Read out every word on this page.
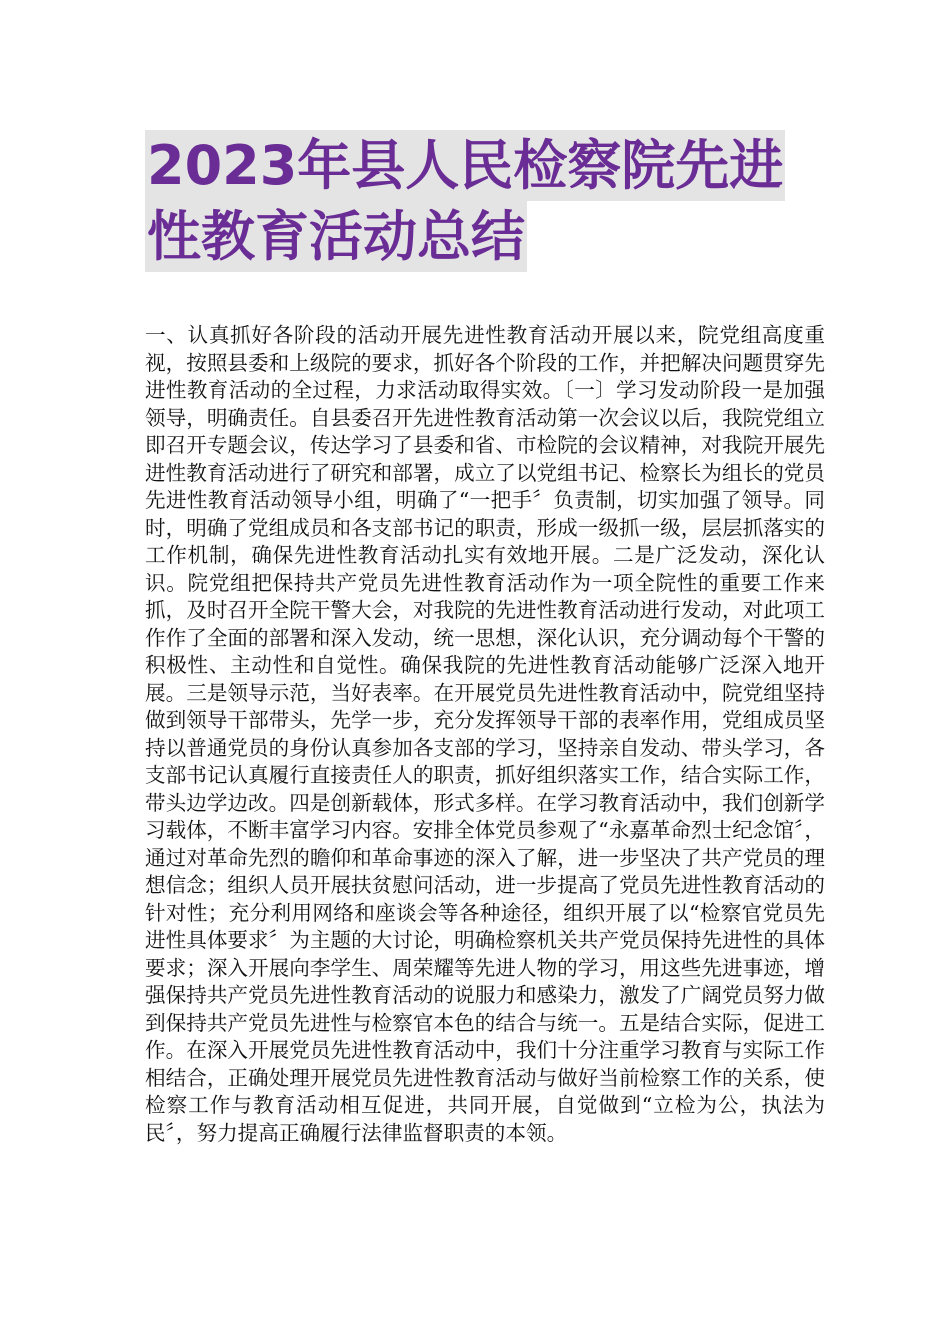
2023年县人民检察院先进
性教育活动总结

一、认真抓好各阶段的活动开展先进性教育活动开展以来，院党组高度重视，按照县委和上级院的要求，抓好各个阶段的工作，并把解决问题贯穿先进性教育活动的全过程，力求活动取得实效。〔一〕学习发动阶段一是加强领导，明确责任。自县委召开先进性教育活动第一次会议以后，我院党组立即召开专题会议，传达学习了县委和省、市检院的会议精神，对我院开展先进性教育活动进行了研究和部署，成立了以党组书记、检察长为组长的党员先进性教育活动领导小组，明确了“一把手〞负责制，切实加强了领导。同时，明确了党组成员和各支部书记的职责，形成一级抓一级，层层抓落实的工作机制，确保先进性教育活动扎实有效地开展。二是广泛发动，深化认识。院党组把保持共产党员先进性教育活动作为一项全院性的重要工作来抓，及时召开全院干警大会，对我院的先进性教育活动进行发动，对此项工作作了全面的部署和深入发动，统一思想，深化认识，充分调动每个干警的积极性、主动性和自觉性。确保我院的先进性教育活动能够广泛深入地开展。三是领导示范，当好表率。在开展党员先进性教育活动中，院党组坚持做到领导干部带头，先学一步，充分发挥领导干部的表率作用，党组成员坚持以普通党员的身份认真参加各支部的学习，坚持亲自发动、带头学习，各支部书记认真履行直接责任人的职责，抓好组织落实工作，结合实际工作，带头边学边改。四是创新载体，形式多样。在学习教育活动中，我们创新学习载体，不断丰富学习内容。安排全体党员参观了“永嘉革命烈士纪念馆〞，通过对革命先烈的瞻仰和革命事迹的深入了解，进一步坚决了共产党员的理想信念；组织人员开展扶贫慰问活动，进一步提高了党员先进性教育活动的针对性；充分利用网络和座谈会等各种途径，组织开展了以“检察官党员先进性具体要求〞为主题的大讨论，明确检察机关共产党员保持先进性的具体要求；深入开展向李学生、周荣耀等先进人物的学习，用这些先进事迹，增强保持共产党员先进性教育活动的说服力和感染力，激发了广阔党员努力做到保持共产党员先进性与检察官本色的结合与统一。五是结合实际，促进工作。在深入开展党员先进性教育活动中，我们十分注重学习教育与实际工作相结合，正确处理开展党员先进性教育活动与做好当前检察工作的关系，使检察工作与教育活动相互促进，共同开展，自觉做到“立检为公，执法为民〞，努力提高正确履行法律监督职责的本领。
